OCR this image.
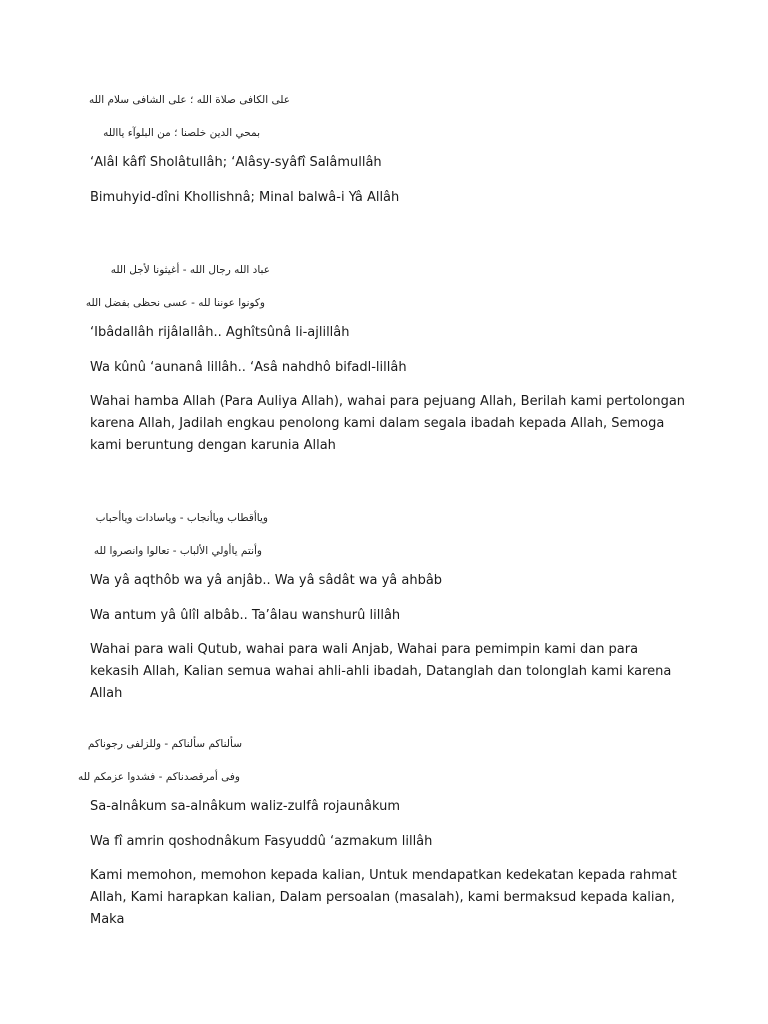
على الكافى صلاة الله ؛ على الشافى سلام الله
بمحي الدين خلصنا ؛ من البلوآء ياالله
‘Alâl kâfî Sholâtullâh; ‘Alâsy-syâfî Salâmullâh
Bimuhyid-dîni Khollishnâ; Minal balwâ-i Yâ Allâh
عباد الله رجال الله - أغيثونا لأجل الله
وكونوا عوننا لله - عسى نحظى بفضل الله
‘Ibâdallâh rijâlallâh.. Aghîtsûnâ li-ajlillâh
Wa kûnû ‘aunanâ lillâh.. ‘Asâ nahdhô bifadl-lillâh
Wahai hamba Allah (Para Auliya Allah), wahai para pejuang Allah, Berilah kami pertolongan karena Allah, Jadilah engkau penolong kami dalam segala ibadah kepada Allah, Semoga kami beruntung dengan karunia Allah
وياأقطاب وياأنجاب - وياسادات وياأحباب
وأنتم ياأولي الألباب - تعالوا وانصروا لله
Wa yâ aqthôb wa yâ anjâb.. Wa yâ sâdât wa yâ ahbâb
Wa antum yâ ûlîl albâb.. Ta’âlau wanshurû lillâh
Wahai para wali Qutub, wahai para wali Anjab, Wahai para pemimpin kami dan para kekasih Allah, Kalian semua wahai ahli-ahli ibadah, Datanglah dan tolonglah kami karena Allah
سألناكم سألناكم - وللزلفى رجوناكم
وفى أمرقصدناكم - فشدوا عزمكم لله
Sa-alnâkum sa-alnâkum waliz-zulfâ rojaunâkum
Wa fî amrin qoshodnâkum Fasyuddû ‘azmakum lillâh
Kami memohon, memohon kepada kalian, Untuk mendapatkan kedekatan kepada rahmat Allah, Kami harapkan kalian, Dalam persoalan (masalah), kami bermaksud kepada kalian, Maka
